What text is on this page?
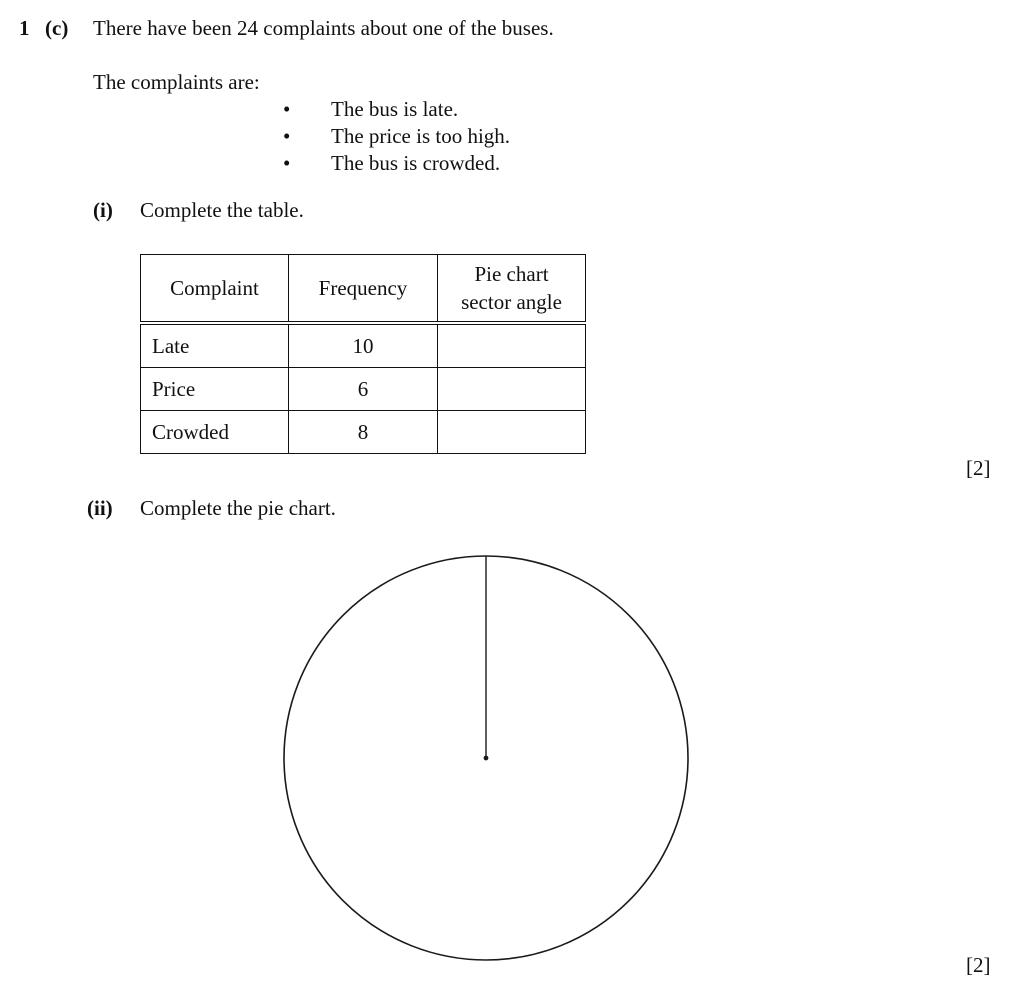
1 (c) There have been 24 complaints about one of the buses.
The complaints are:
• The bus is late.
• The price is too high.
• The bus is crowded.
(i) Complete the table.
Complaint	Frequency	Pie chart
sector angle

Late	10	
Price	6	
Crowded	8	
[2]
(ii) Complete the pie chart.
[2]
